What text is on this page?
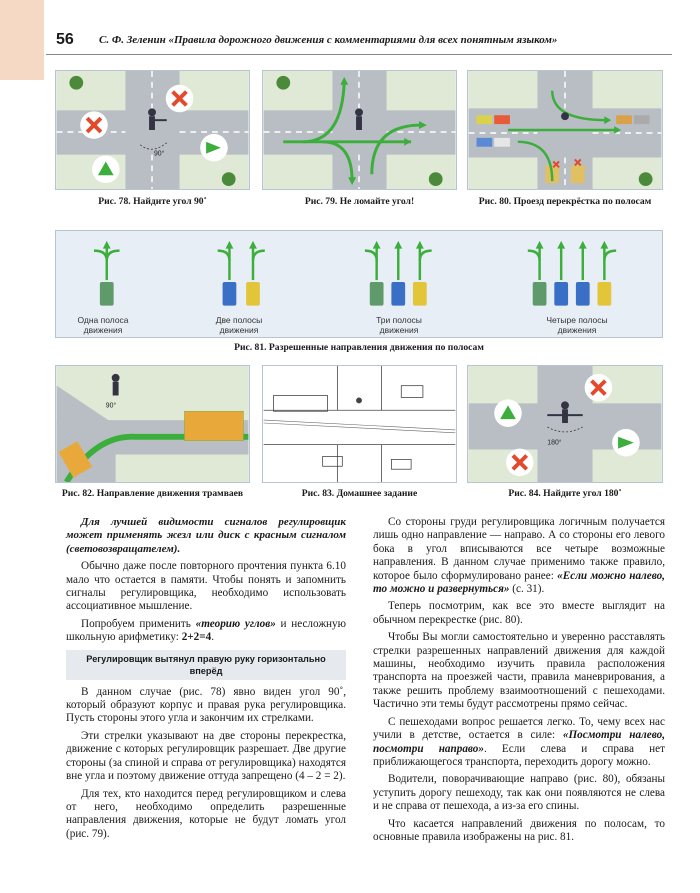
56 С. Ф. Зеленин «Правила дорожного движения с комментариями для всех понятным языком»
90°
Рис. 78. Найдите угол 90˚	Рис. 79. Не ломайте угол!	Рис. 80. Проезд перекрёстка по полосам
Одна полоса движения
Две полосы движения
Три полосы движения
Четыре полосы движения
Рис. 81. Разрешенные направления движения по полосам
90°
Рис. 82. Направление движения трамваев	Рис. 83. Домашнее задание
180°
Рис. 84. Найдите угол 180˚

Для лучшей видимости сигналов регулировщик может применять жезл или диск с красным сигналом (световозвращателем).

Обычно даже после повторного прочтения пункта 6.10 мало что остается в памяти. Чтобы понять и запомнить сигналы регулировщика, необходимо использовать ассоциативное мышление.

Попробуем применить «теорию углов» и несложную школьную арифметику: 2+2=4.

Регулировщик вытянул правую руку горизонтально вперёд

В данном случае (рис. 78) явно виден угол 90˚, который образуют корпус и правая рука регулировщика. Пусть стороны этого угла и закончим их стрелками.

Эти стрелки указывают на две стороны перекрестка, движение с которых регулировщик разрешает. Две другие стороны (за спиной и справа от регулировщика) находятся вне угла и поэтому движение оттуда запрещено (4 – 2 = 2).

Для тех, кто находится перед регулировщиком и слева от него, необходимо определить разрешенные направления движения, которые не будут ломать угол (рис. 79).

Со стороны груди регулировщика логичным получается лишь одно направление — направо. А со стороны его левого бока в угол вписываются все четыре возможные направления. В данном случае применимо также правило, которое было сформулировано ранее: «Если можно налево, то можно и развернуться» (с. 31).

Теперь посмотрим, как все это вместе выглядит на обычном перекрестке (рис. 80).

Чтобы Вы могли самостоятельно и уверенно расставлять стрелки разрешенных направлений движения для каждой машины, необходимо изучить правила расположения транспорта на проезжей части, правила маневрирования, а также решить проблему взаимоотношений с пешеходами. Частично эти темы будут рассмотрены прямо сейчас.

С пешеходами вопрос решается легко. То, чему всех нас учили в детстве, остается в силе: «Посмотри налево, посмотри направо». Если слева и справа нет приближающегося транспорта, переходить дорогу можно.

Водители, поворачивающие направо (рис. 80), обязаны уступить дорогу пешеходу, так как они появляются не слева и не справа от пешехода, а из-за его спины.

Что касается направлений движения по полосам, то основные правила изображены на рис. 81.
